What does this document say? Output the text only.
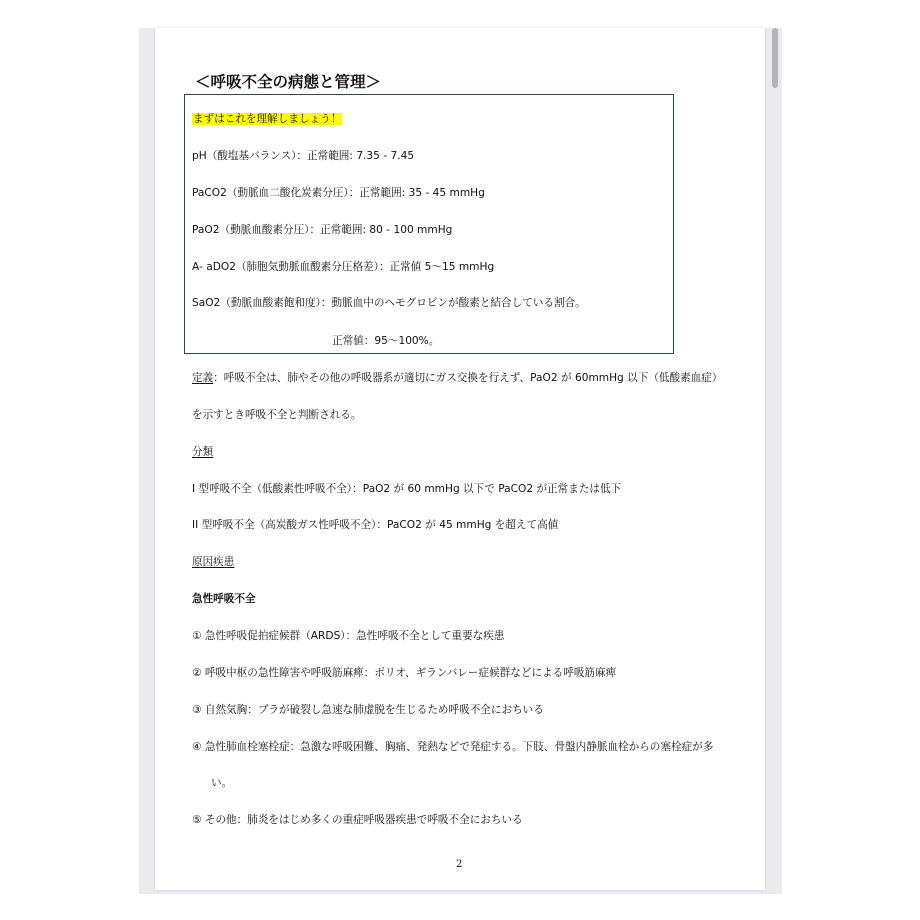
＜呼吸不全の病態と管理＞
まずはこれを理解しましょう！
pH（酸塩基バランス）：正常範囲: 7.35 - 7.45
PaCO2（動脈血二酸化炭素分圧）：正常範囲: 35 - 45 mmHg
PaO2（動脈血酸素分圧）：正常範囲: 80 - 100 mmHg
A- aDO2（肺胞気動脈血酸素分圧格差）：正常値 5〜15 mmHg
SaO2（動脈血酸素飽和度）：動脈血中のヘモグロビンが酸素と結合している割合。
正常値：95〜100%。
定義：呼吸不全は、肺やその他の呼吸器系が適切にガス交換を行えず、PaO2 が 60mmHg 以下（低酸素血症）
を示すとき呼吸不全と判断される。
分類
I 型呼吸不全（低酸素性呼吸不全）：PaO2 が 60 mmHg 以下で PaCO2 が正常または低下
II 型呼吸不全（高炭酸ガス性呼吸不全）：PaCO2 が 45 mmHg を超えて高値
原因疾患
急性呼吸不全
① 急性呼吸促拍症候群（ARDS）：急性呼吸不全として重要な疾患
② 呼吸中枢の急性障害や呼吸筋麻痺：ポリオ、ギランバレー症候群などによる呼吸筋麻痺
③ 自然気胸：ブラが破裂し急速な肺虚脱を生じるため呼吸不全におちいる
④ 急性肺血栓塞栓症：急激な呼吸困難、胸痛、発熱などで発症する。下肢、骨盤内静脈血栓からの塞栓症が多
い。
⑤ その他：肺炎をはじめ多くの重症呼吸器疾患で呼吸不全におちいる
2
